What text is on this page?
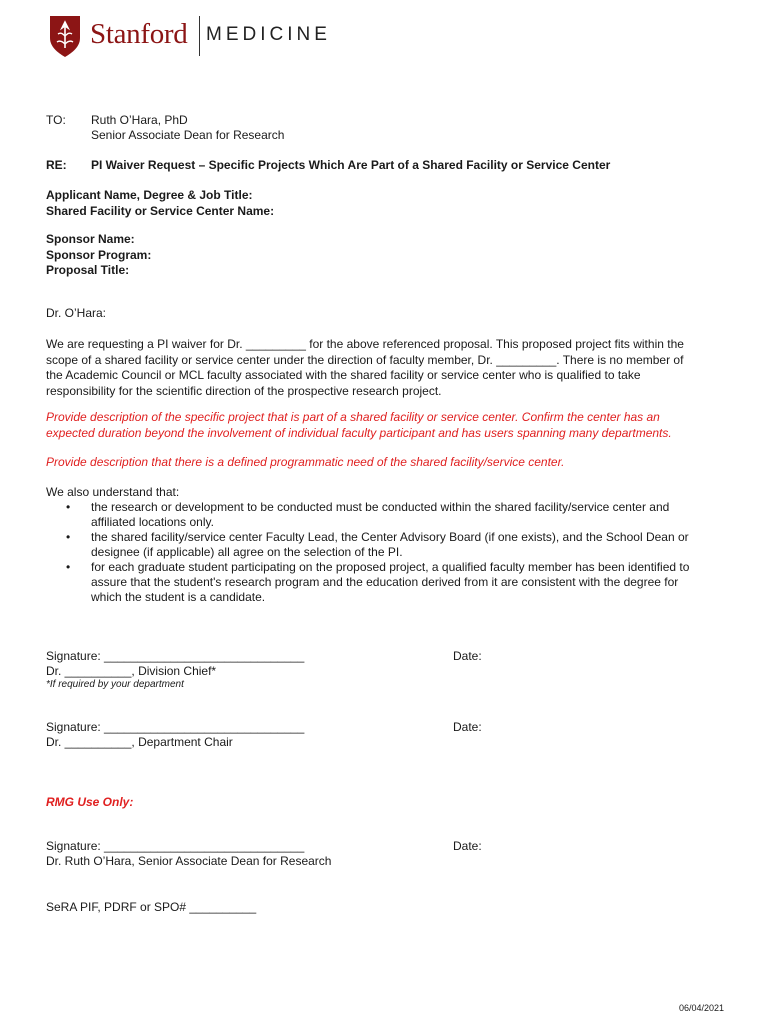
Stanford MEDICINE
TO: Ruth O’Hara, PhD
Senior Associate Dean for Research
RE: PI Waiver Request – Specific Projects Which Are Part of a Shared Facility or Service Center
Applicant Name, Degree & Job Title:
Shared Facility or Service Center Name:
Sponsor Name:
Sponsor Program:
Proposal Title:
Dr. O’Hara:
We are requesting a PI waiver for Dr. _________ for the above referenced proposal. This proposed project fits within the
scope of a shared facility or service center under the direction of faculty member, Dr. _________. There is no member of
the Academic Council or MCL faculty associated with the shared facility or service center who is qualified to take
responsibility for the scientific direction of the prospective research project.
Provide description of the specific project that is part of a shared facility or service center. Confirm the center has an
expected duration beyond the involvement of individual faculty participant and has users spanning many departments.
Provide description that there is a defined programmatic need of the shared facility/service center.
We also understand that:
• the research or development to be conducted must be conducted within the shared facility/service center and
affiliated locations only.
• the shared facility/service center Faculty Lead, the Center Advisory Board (if one exists), and the School Dean or
designee (if applicable) all agree on the selection of the PI.
• for each graduate student participating on the proposed project, a qualified faculty member has been identified to
assure that the student's research program and the education derived from it are consistent with the degree for
which the student is a candidate.
Signature: ______________________________
Dr. __________, Division Chief*
*If required by your department
Date:
Signature: ______________________________
Dr. __________, Department Chair
Date:
RMG Use Only:
Signature: ______________________________
Dr. Ruth O’Hara, Senior Associate Dean for Research
Date:
SeRA PIF, PDRF or SPO# __________
06/04/2021
